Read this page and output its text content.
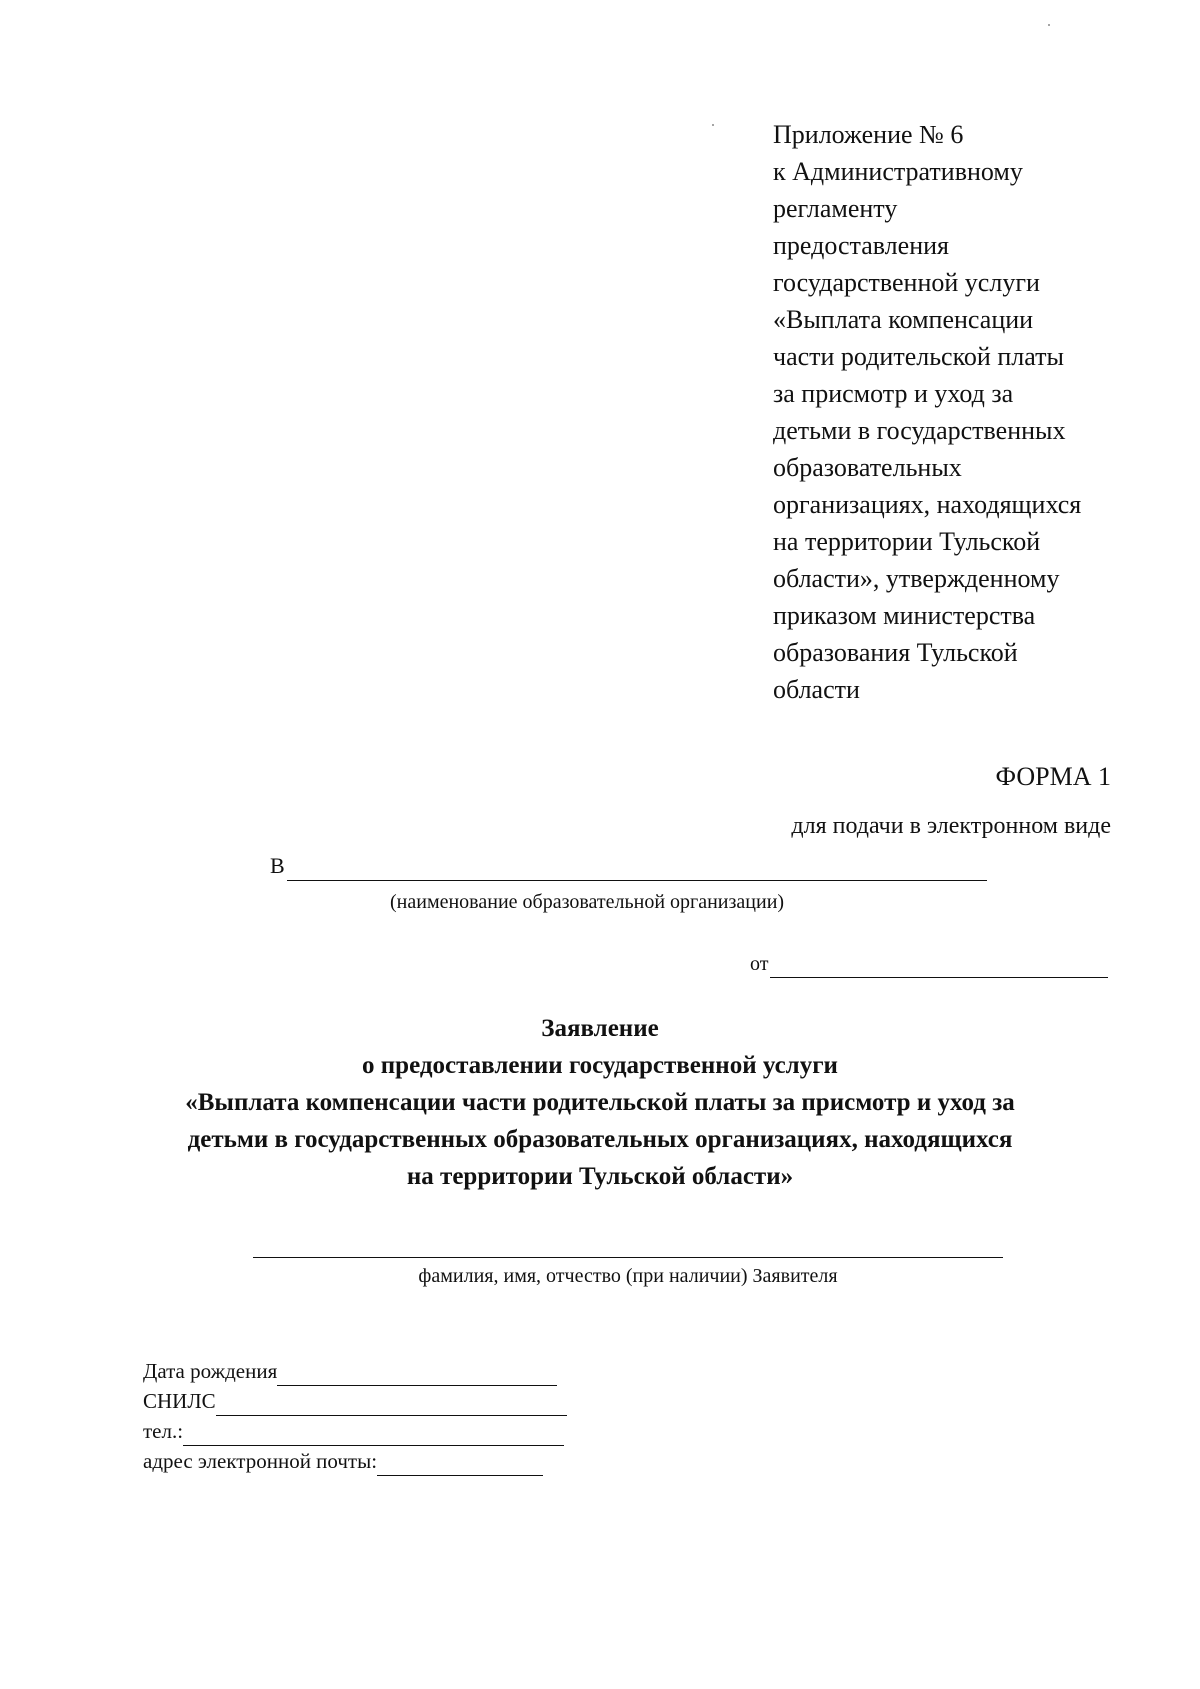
Приложение № 6
к Административному
регламенту
предоставления
государственной услуги
«Выплата компенсации
части родительской платы
за присмотр и уход за
детьми в государственных
образовательных
организациях, находящихся
на территории Тульской
области», утвержденному
приказом министерства
образования Тульской
области
ФОРМА 1
для подачи в электронном виде
В
(наименование образовательной организации)
от
Заявление
о предоставлении государственной услуги
«Выплата компенсации части родительской платы за присмотр и уход за
детьми в государственных образовательных организациях, находящихся
на территории Тульской области»
фамилия, имя, отчество (при наличии) Заявителя
Дата рождения
СНИЛС
тел.:
адрес электронной почты:
